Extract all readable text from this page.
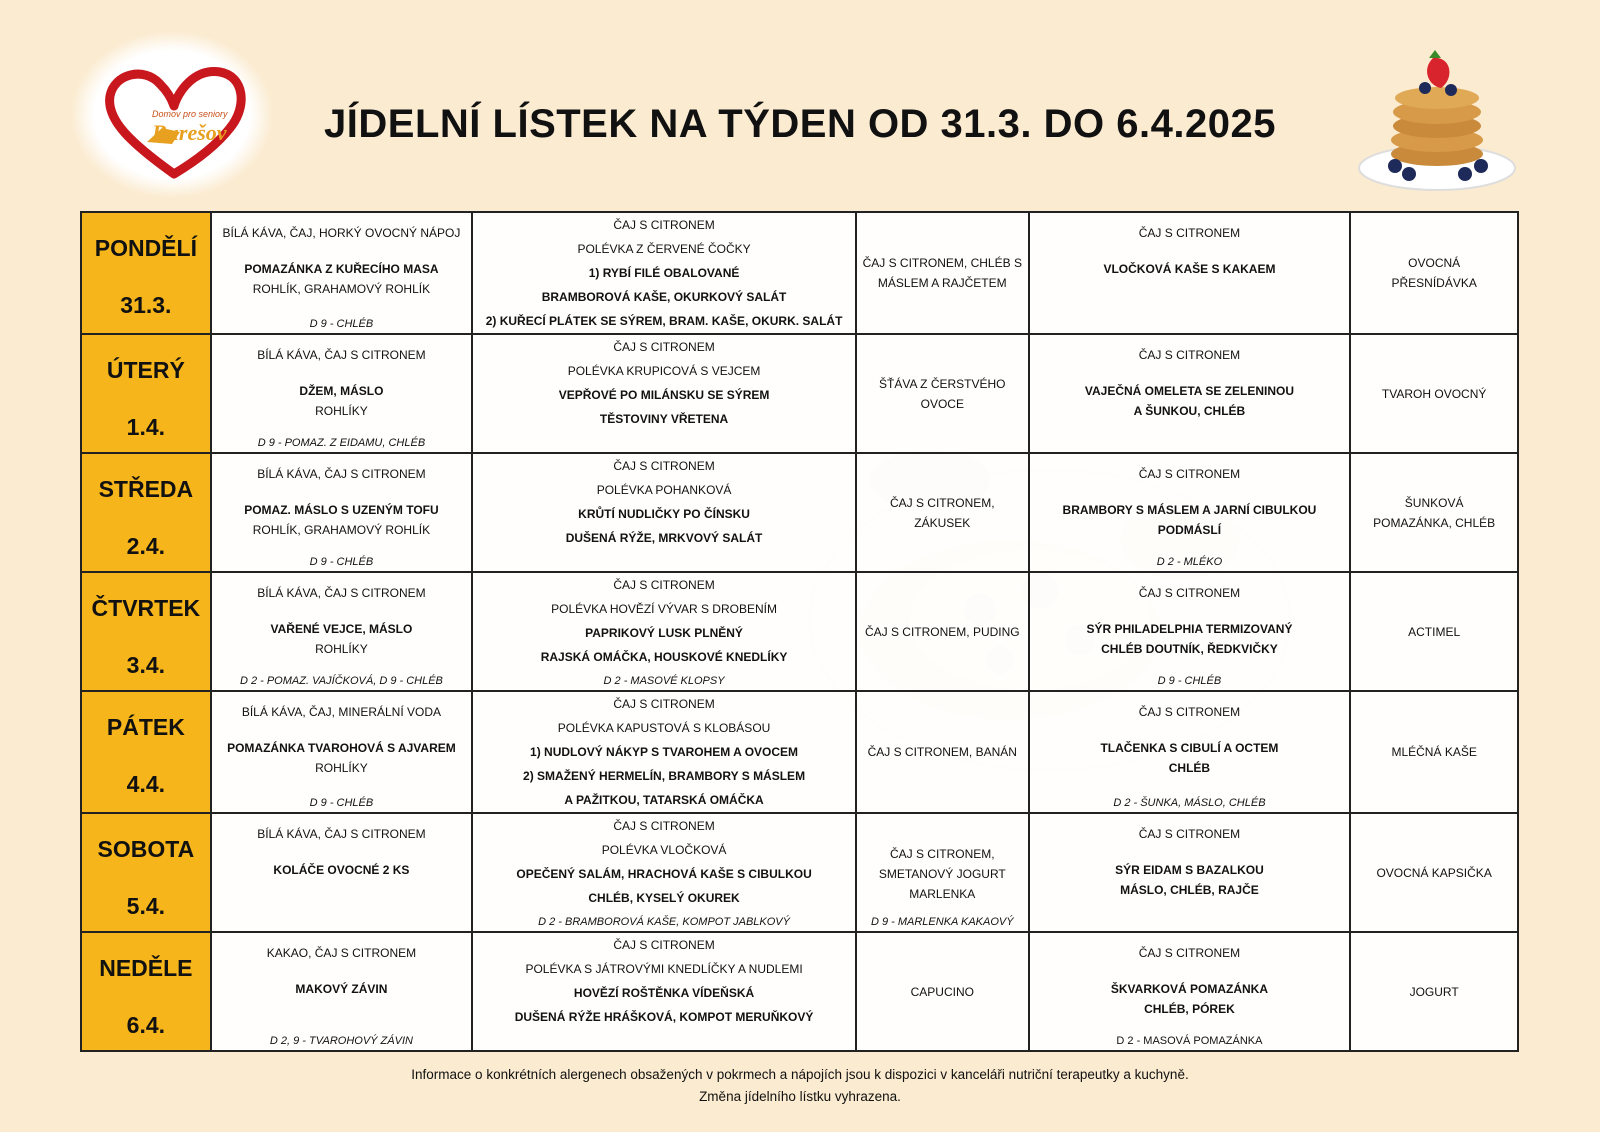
Domov pro seniory
Burešov	JÍDELNÍ LÍSTEK NA TÝDEN OD 31.3. DO 6.4.2025
PONDĚLÍ
31.3.	BÍLÁ KÁVA, ČAJ, HORKÝ OVOCNÝ NÁPOJ
POMAZÁNKA Z KUŘECÍHO MASA
ROHLÍK, GRAHAMOVÝ ROHLÍK
D 9 - CHLÉB	ČAJ S CITRONEM
POLÉVKA Z ČERVENÉ ČOČKY
1) RYBÍ FILÉ OBALOVANÉ
BRAMBOROVÁ KAŠE, OKURKOVÝ SALÁT
2) KUŘECÍ PLÁTEK SE SÝREM, BRAM. KAŠE, OKURK. SALÁT	ČAJ S CITRONEM, CHLÉB S
MÁSLEM A RAJČETEM	ČAJ S CITRONEM
VLOČKOVÁ KAŠE S KAKAEM	OVOCNÁ
PŘESNÍDÁVKA

ÚTERÝ
1.4.	BÍLÁ KÁVA, ČAJ S CITRONEM
DŽEM, MÁSLO
ROHLÍKY
D 9 - POMAZ. Z EIDAMU, CHLÉB	ČAJ S CITRONEM
POLÉVKA KRUPICOVÁ S VEJCEM
VEPŘOVÉ PO MILÁNSKU SE SÝREM
TĚSTOVINY VŘETENA	ŠŤÁVA Z ČERSTVÉHO
OVOCE	ČAJ S CITRONEM
VAJEČNÁ OMELETA SE ZELENINOU
A ŠUNKOU, CHLÉB	TVAROH OVOCNÝ

STŘEDA
2.4.	BÍLÁ KÁVA, ČAJ S CITRONEM
POMAZ. MÁSLO S UZENÝM TOFU
ROHLÍK, GRAHAMOVÝ ROHLÍK
D 9 - CHLÉB	ČAJ S CITRONEM
POLÉVKA POHANKOVÁ
KRŮTÍ NUDLIČKY PO ČÍNSKU
DUŠENÁ RÝŽE, MRKVOVÝ SALÁT	ČAJ S CITRONEM, ZÁKUSEK	ČAJ S CITRONEM
BRAMBORY S MÁSLEM A JARNÍ CIBULKOU
PODMÁSLÍ
D 2 - MLÉKO	ŠUNKOVÁ
POMAZÁNKA, CHLÉB

ČTVRTEK
3.4.	BÍLÁ KÁVA, ČAJ S CITRONEM
VAŘENÉ VEJCE, MÁSLO
ROHLÍKY
D 2 - POMAZ. VAJÍČKOVÁ, D 9 - CHLÉB	ČAJ S CITRONEM
POLÉVKA HOVĚZÍ VÝVAR S DROBENÍM
PAPRIKOVÝ LUSK PLNĚNÝ
RAJSKÁ OMÁČKA, HOUSKOVÉ KNEDLÍKY
D 2 - MASOVÉ KLOPSY	ČAJ S CITRONEM, PUDING	ČAJ S CITRONEM
SÝR PHILADELPHIA TERMIZOVANÝ
CHLÉB DOUTNÍK, ŘEDKVIČKY
D 9 - CHLÉB	ACTIMEL

PÁTEK
4.4.	BÍLÁ KÁVA, ČAJ, MINERÁLNÍ VODA
POMAZÁNKA TVAROHOVÁ S AJVAREM
ROHLÍKY
D 9 - CHLÉB	ČAJ S CITRONEM
POLÉVKA KAPUSTOVÁ S KLOBÁSOU
1) NUDLOVÝ NÁKYP S TVAROHEM A OVOCEM
2) SMAŽENÝ HERMELÍN, BRAMBORY S MÁSLEM
A PAŽITKOU, TATARSKÁ OMÁČKA	ČAJ S CITRONEM, BANÁN	ČAJ S CITRONEM
TLAČENKA S CIBULÍ A OCTEM
CHLÉB
D 2 - ŠUNKA, MÁSLO, CHLÉB	MLÉČNÁ KAŠE

SOBOTA
5.4.	BÍLÁ KÁVA, ČAJ S CITRONEM
KOLÁČE OVOCNÉ 2 KS	ČAJ S CITRONEM
POLÉVKA VLOČKOVÁ
OPEČENÝ SALÁM, HRACHOVÁ KAŠE S CIBULKOU
CHLÉB, KYSELÝ OKUREK
D 2 - BRAMBOROVÁ KAŠE, KOMPOT JABLKOVÝ	ČAJ S CITRONEM,
SMETANOVÝ JOGURT
MARLENKA
D 9 - MARLENKA KAKAOVÝ	ČAJ S CITRONEM
SÝR EIDAM S BAZALKOU
MÁSLO, CHLÉB, RAJČE	OVOCNÁ KAPSIČKA

NEDĚLE
6.4.	KAKAO, ČAJ S CITRONEM
MAKOVÝ ZÁVIN
D 2, 9 - TVAROHOVÝ ZÁVIN	ČAJ S CITRONEM
POLÉVKA S JÁTROVÝMI KNEDLÍČKY A NUDLEMI
HOVĚZÍ ROŠTĚNKA VÍDEŇSKÁ
DUŠENÁ RÝŽE HRÁŠKOVÁ, KOMPOT MERUŇKOVÝ	CAPUCINO	ČAJ S CITRONEM
ŠKVARKOVÁ POMAZÁNKA
CHLÉB, PÓREK
D 2 - MASOVÁ POMAZÁNKA	JOGURT
Informace o konkrétních alergenech obsažených v pokrmech a nápojích jsou k dispozici v kanceláři nutriční terapeutky a kuchyně.
Změna jídelního lístku vyhrazena.
